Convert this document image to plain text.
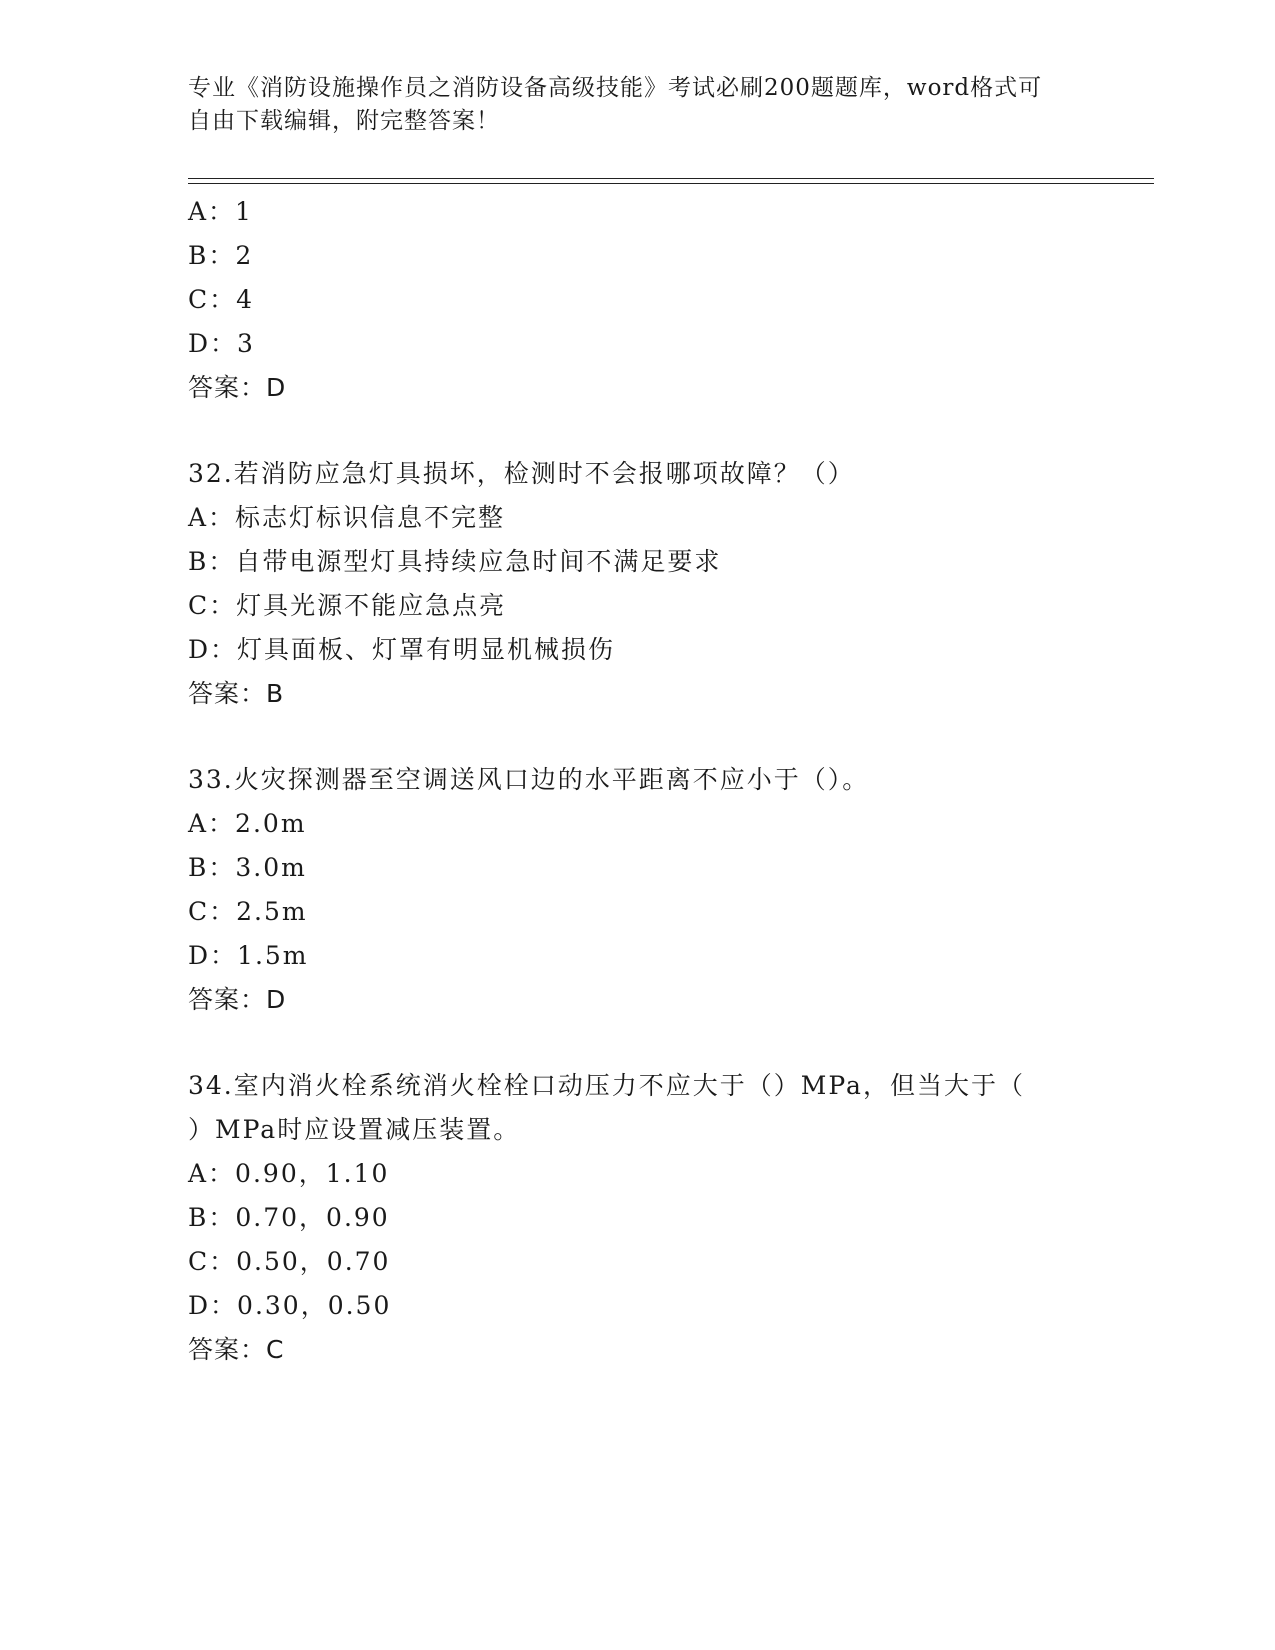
专业《消防设施操作员之消防设备高级技能》考试必刷200题题库，word格式可
自由下载编辑，附完整答案！
A：1
B：2
C：4
D：3
答案：D
32.若消防应急灯具损坏，检测时不会报哪项故障？（）
A：标志灯标识信息不完整
B：自带电源型灯具持续应急时间不满足要求
C：灯具光源不能应急点亮
D：灯具面板、灯罩有明显机械损伤
答案：B
33.火灾探测器至空调送风口边的水平距离不应小于（）。
A：2.0m
B：3.0m
C：2.5m
D：1.5m
答案：D
34.室内消火栓系统消火栓栓口动压力不应大于（）MPa，但当大于（
）MPa时应设置减压装置。
A：0.90，1.10
B：0.70，0.90
C：0.50，0.70
D：0.30，0.50
答案：C
